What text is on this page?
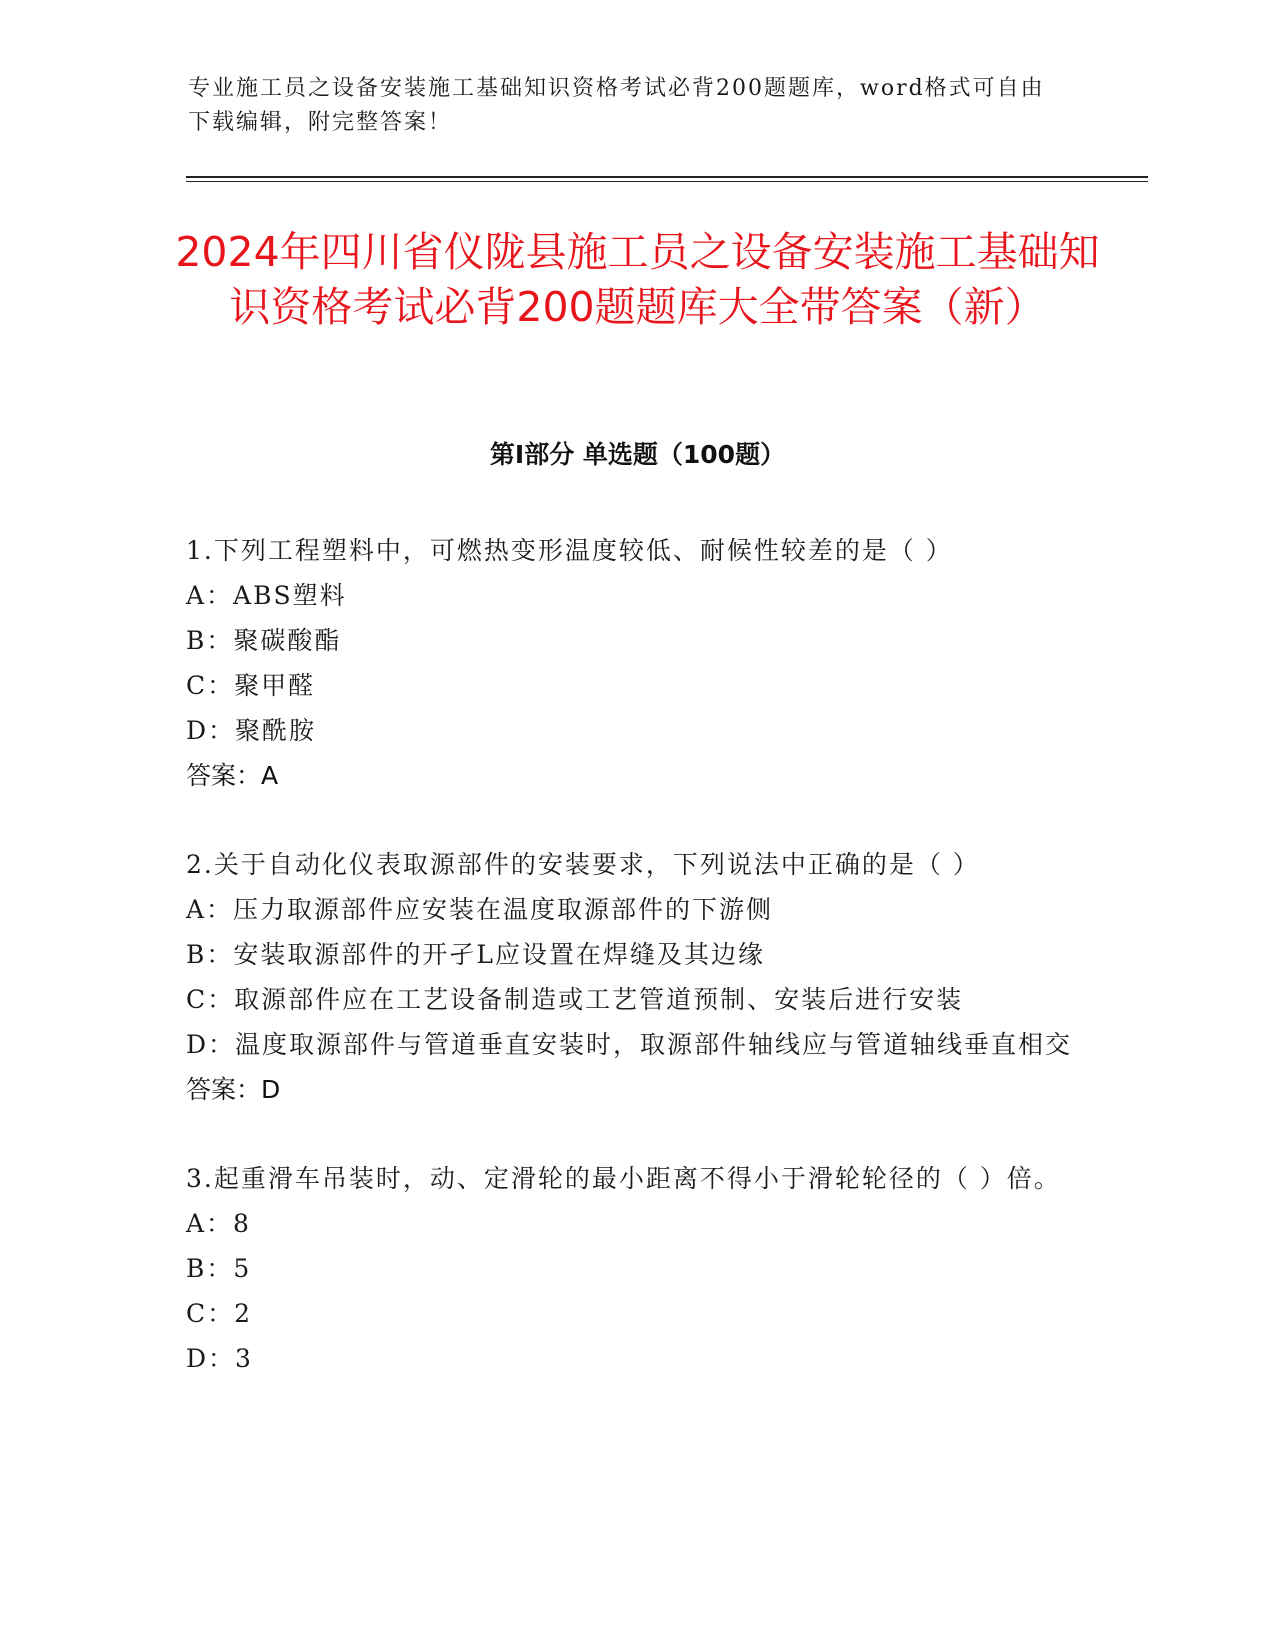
专业施工员之设备安装施工基础知识资格考试必背200题题库，word格式可自由下载编辑，附完整答案！
2024年四川省仪陇县施工员之设备安装施工基础知识资格考试必背200题题库大全带答案（新）
第I部分 单选题（100题）

1.下列工程塑料中，可燃热变形温度较低、耐候性较差的是（ ）

A：ABS塑料

B：聚碳酸酯

C：聚甲醛

D：聚酰胺

答案：A

2.关于自动化仪表取源部件的安装要求，下列说法中正确的是（ ）

A：压力取源部件应安装在温度取源部件的下游侧

B：安装取源部件的开孑L应设置在焊缝及其边缘

C：取源部件应在工艺设备制造或工艺管道预制、安装后进行安装

D：温度取源部件与管道垂直安装时，取源部件轴线应与管道轴线垂直相交

答案：D

3.起重滑车吊装时，动、定滑轮的最小距离不得小于滑轮轮径的（ ）倍。

A：8

B：5

C：2

D：3
